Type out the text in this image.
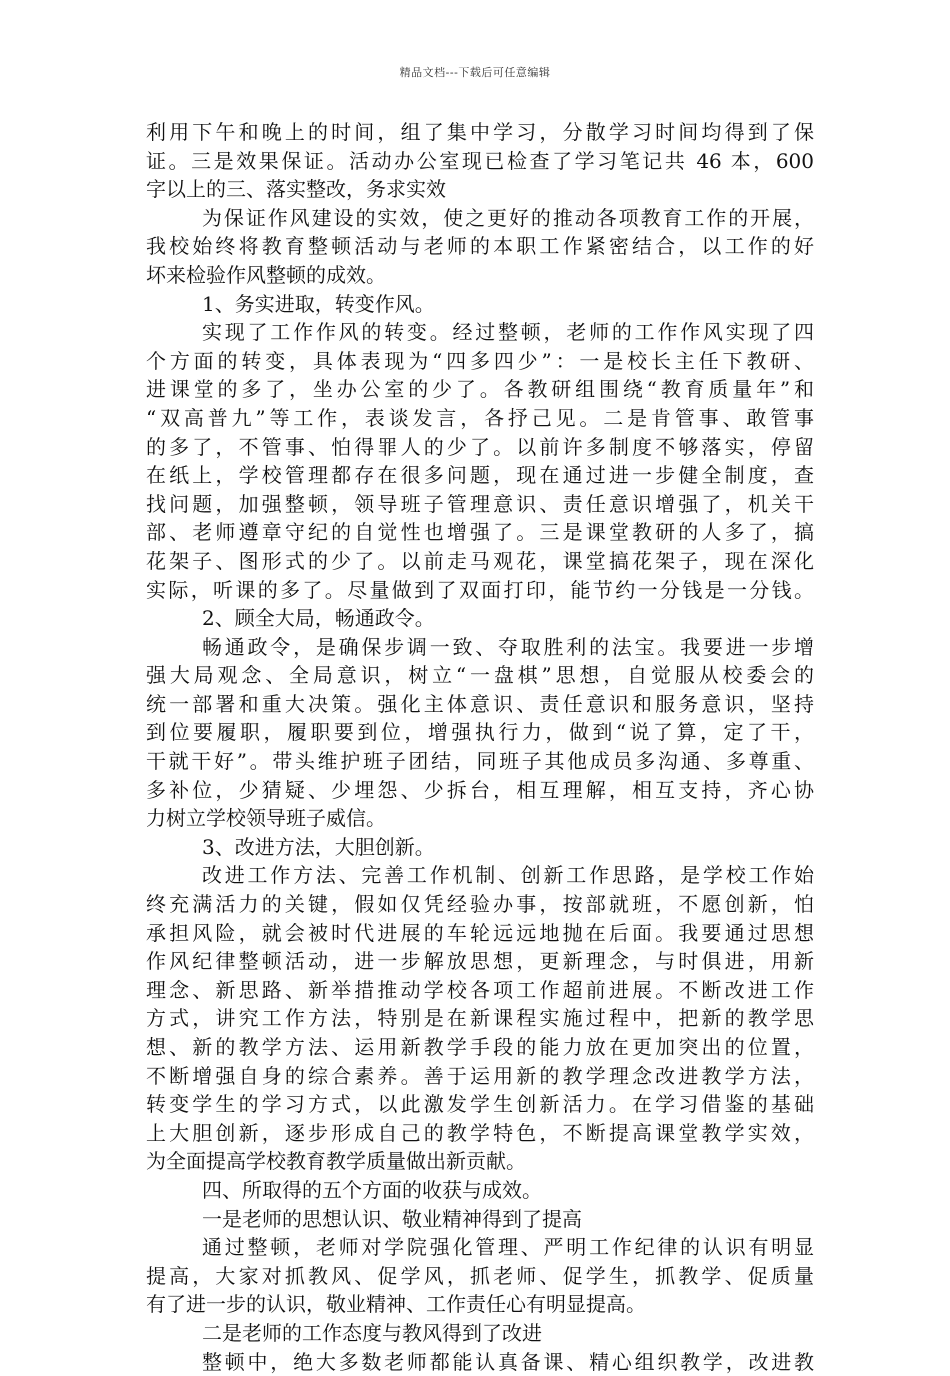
精品文档---下载后可任意编辑
利用下午和晚上的时间，组了集中学习，分散学习时间均得到了保
证。三是效果保证。活动办公室现已检查了学习笔记共 46 本，600
字以上的三、落实整改，务求实效
为保证作风建设的实效，使之更好的推动各项教育工作的开展，
我校始终将教育整顿活动与老师的本职工作紧密结合，以工作的好
坏来检验作风整顿的成效。
1、务实进取，转变作风。
实现了工作作风的转变。经过整顿，老师的工作作风实现了四
个方面的转变，具体表现为“四多四少”：一是校长主任下教研、
进课堂的多了，坐办公室的少了。各教研组围绕“教育质量年”和
“双高普九”等工作，表谈发言，各抒己见。二是肯管事、敢管事
的多了，不管事、怕得罪人的少了。以前许多制度不够落实，停留
在纸上，学校管理都存在很多问题，现在通过进一步健全制度，查
找问题，加强整顿，领导班子管理意识、责任意识增强了，机关干
部、老师遵章守纪的自觉性也增强了。三是课堂教研的人多了，搞
花架子、图形式的少了。以前走马观花，课堂搞花架子，现在深化
实际，听课的多了。尽量做到了双面打印，能节约一分钱是一分钱。
2、顾全大局，畅通政令。
畅通政令，是确保步调一致、夺取胜利的法宝。我要进一步增
强大局观念、全局意识，树立“一盘棋”思想，自觉服从校委会的
统一部署和重大决策。强化主体意识、责任意识和服务意识，坚持
到位要履职，履职要到位，增强执行力，做到“说了算，定了干，
干就干好”。带头维护班子团结，同班子其他成员多沟通、多尊重、
多补位，少猜疑、少埋怨、少拆台，相互理解，相互支持，齐心协
力树立学校领导班子威信。
3、改进方法，大胆创新。
改进工作方法、完善工作机制、创新工作思路，是学校工作始
终充满活力的关键，假如仅凭经验办事，按部就班，不愿创新，怕
承担风险，就会被时代进展的车轮远远地抛在后面。我要通过思想
作风纪律整顿活动，进一步解放思想，更新理念，与时俱进，用新
理念、新思路、新举措推动学校各项工作超前进展。不断改进工作
方式，讲究工作方法，特别是在新课程实施过程中，把新的教学思
想、新的教学方法、运用新教学手段的能力放在更加突出的位置，
不断增强自身的综合素养。善于运用新的教学理念改进教学方法，
转变学生的学习方式，以此激发学生创新活力。在学习借鉴的基础
上大胆创新，逐步形成自己的教学特色，不断提高课堂教学实效，
为全面提高学校教育教学质量做出新贡献。
四、所取得的五个方面的收获与成效。
一是老师的思想认识、敬业精神得到了提高
通过整顿，老师对学院强化管理、严明工作纪律的认识有明显
提高，大家对抓教风、促学风，抓老师、促学生，抓教学、促质量
有了进一步的认识，敬业精神、工作责任心有明显提高。
二是老师的工作态度与教风得到了改进
整顿中，绝大多数老师都能认真备课、精心组织教学，改进教
